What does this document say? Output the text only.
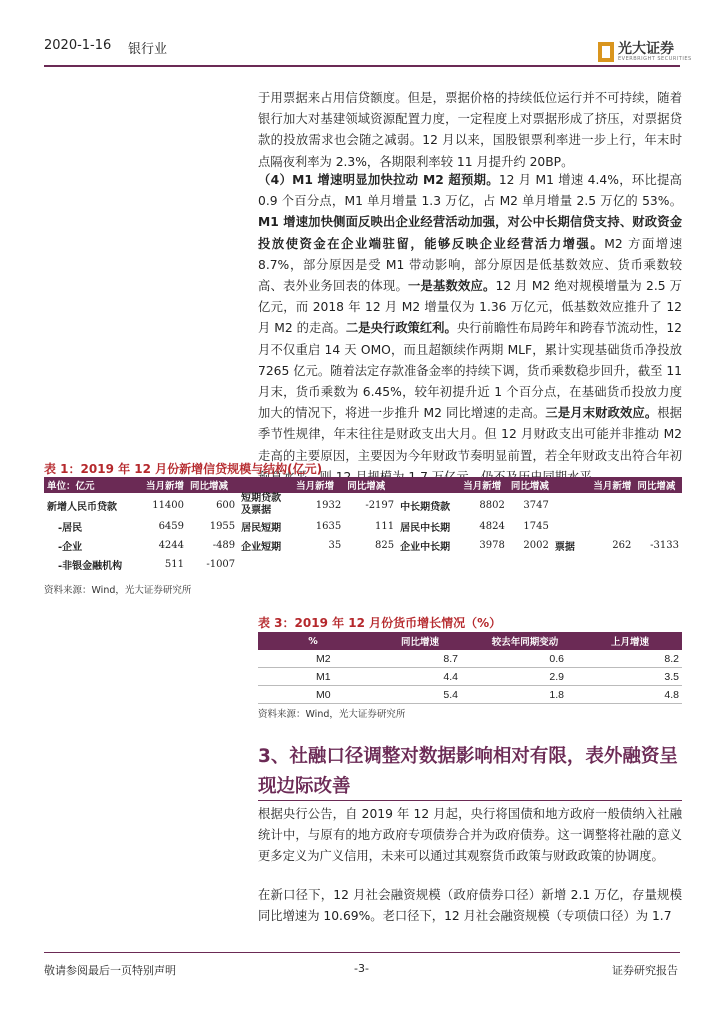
2020-1-16 银行业	光大证券
EVERBRIGHT SECURITIES
于用票据来占用信贷额度。但是，票据价格的持续低位运行并不可持续，随着银行加大对基建领域资源配置力度，一定程度上对票据形成了挤压，对票据贷款的投放需求也会随之减弱。12 月以来，国股银票利率进一步上行，年末时点隔夜利率为 2.3%，各期限利率较 11 月提升约 20BP。
（4）M1 增速明显加快拉动 M2 超预期。12 月 M1 增速 4.4%，环比提高 0.9 个百分点，M1 单月增量 1.3 万亿，占 M2 单月增量 2.5 万亿的 53%。M1 增速加快侧面反映出企业经营活动加强，对公中长期信贷支持、财政资金投放使资金在企业端驻留，能够反映企业经营活力增强。M2 方面增速 8.7%，部分原因是受 M1 带动影响，部分原因是低基数效应、货币乘数较高、表外业务回表的体现。一是基数效应。12 月 M2 绝对规模增量为 2.5 万亿元，而 2018 年 12 月 M2 增量仅为 1.36 万亿元，低基数效应推升了 12 月 M2 的走高。二是央行政策红利。央行前瞻性布局跨年和跨春节流动性，12 月不仅重启 14 天 OMO，而且超额续作两期 MLF，累计实现基础货币净投放 7265 亿元。随着法定存款准备金率的持续下调，货币乘数稳步回升，截至 11 月末，货币乘数为 6.45%，较年初提升近 1 个百分点，在基础货币投放力度加大的情况下，将进一步推升 M2 同比增速的走高。三是月末财政效应。根据季节性规律，年末往往是财政支出大月。但 12 月财政支出可能并非推动 M2 走高的主要原因，主要因为今年财政节奏明显前置，若全年财政支出符合年初
表 1：2019 年 12 月份新增信贷规模与结构(亿元)
单位：亿元	当月新增	同比增减		当月新增	同比增减		当月新增	同比增减		当月新增	同比增减
新增人民币贷款	11400	600	短期贷款及票据	1932	-2197	中长期贷款	8802	3747			
-居民	6459	1955	居民短期	1635	111	居民中长期	4824	1745			
-企业	4244	-489	企业短期	35	825	企业中长期	3978	2002	票据	262	-3133
-非银金融机构	511	-1007									
资料来源：Wind，光大证券研究所
表 3：2019 年 12 月份货币增长情况（%）
%	同比增速	较去年同期变动	上月增速
M2	8.7	0.6	8.2
M1	4.4	2.9	3.5
M0	5.4	1.8	4.8
资料来源：Wind，光大证券研究所
3、社融口径调整对数据影响相对有限，表外融资呈现边际改善
根据央行公告，自 2019 年 12 月起，央行将国债和地方政府一般债纳入社融统计中，与原有的地方政府专项债券合并为政府债券。这一调整将社融的意义更多定义为广义信用，未来可以通过其观察货币政策与财政政策的协调度。
在新口径下，12 月社会融资规模（政府债券口径）新增 2.1 万亿，存量规模同比增速为 10.69%。老口径下，12 月社会融资规模（专项债口径）为 1.7
敬请参阅最后一页特别声明	-3-	证券研究报告
